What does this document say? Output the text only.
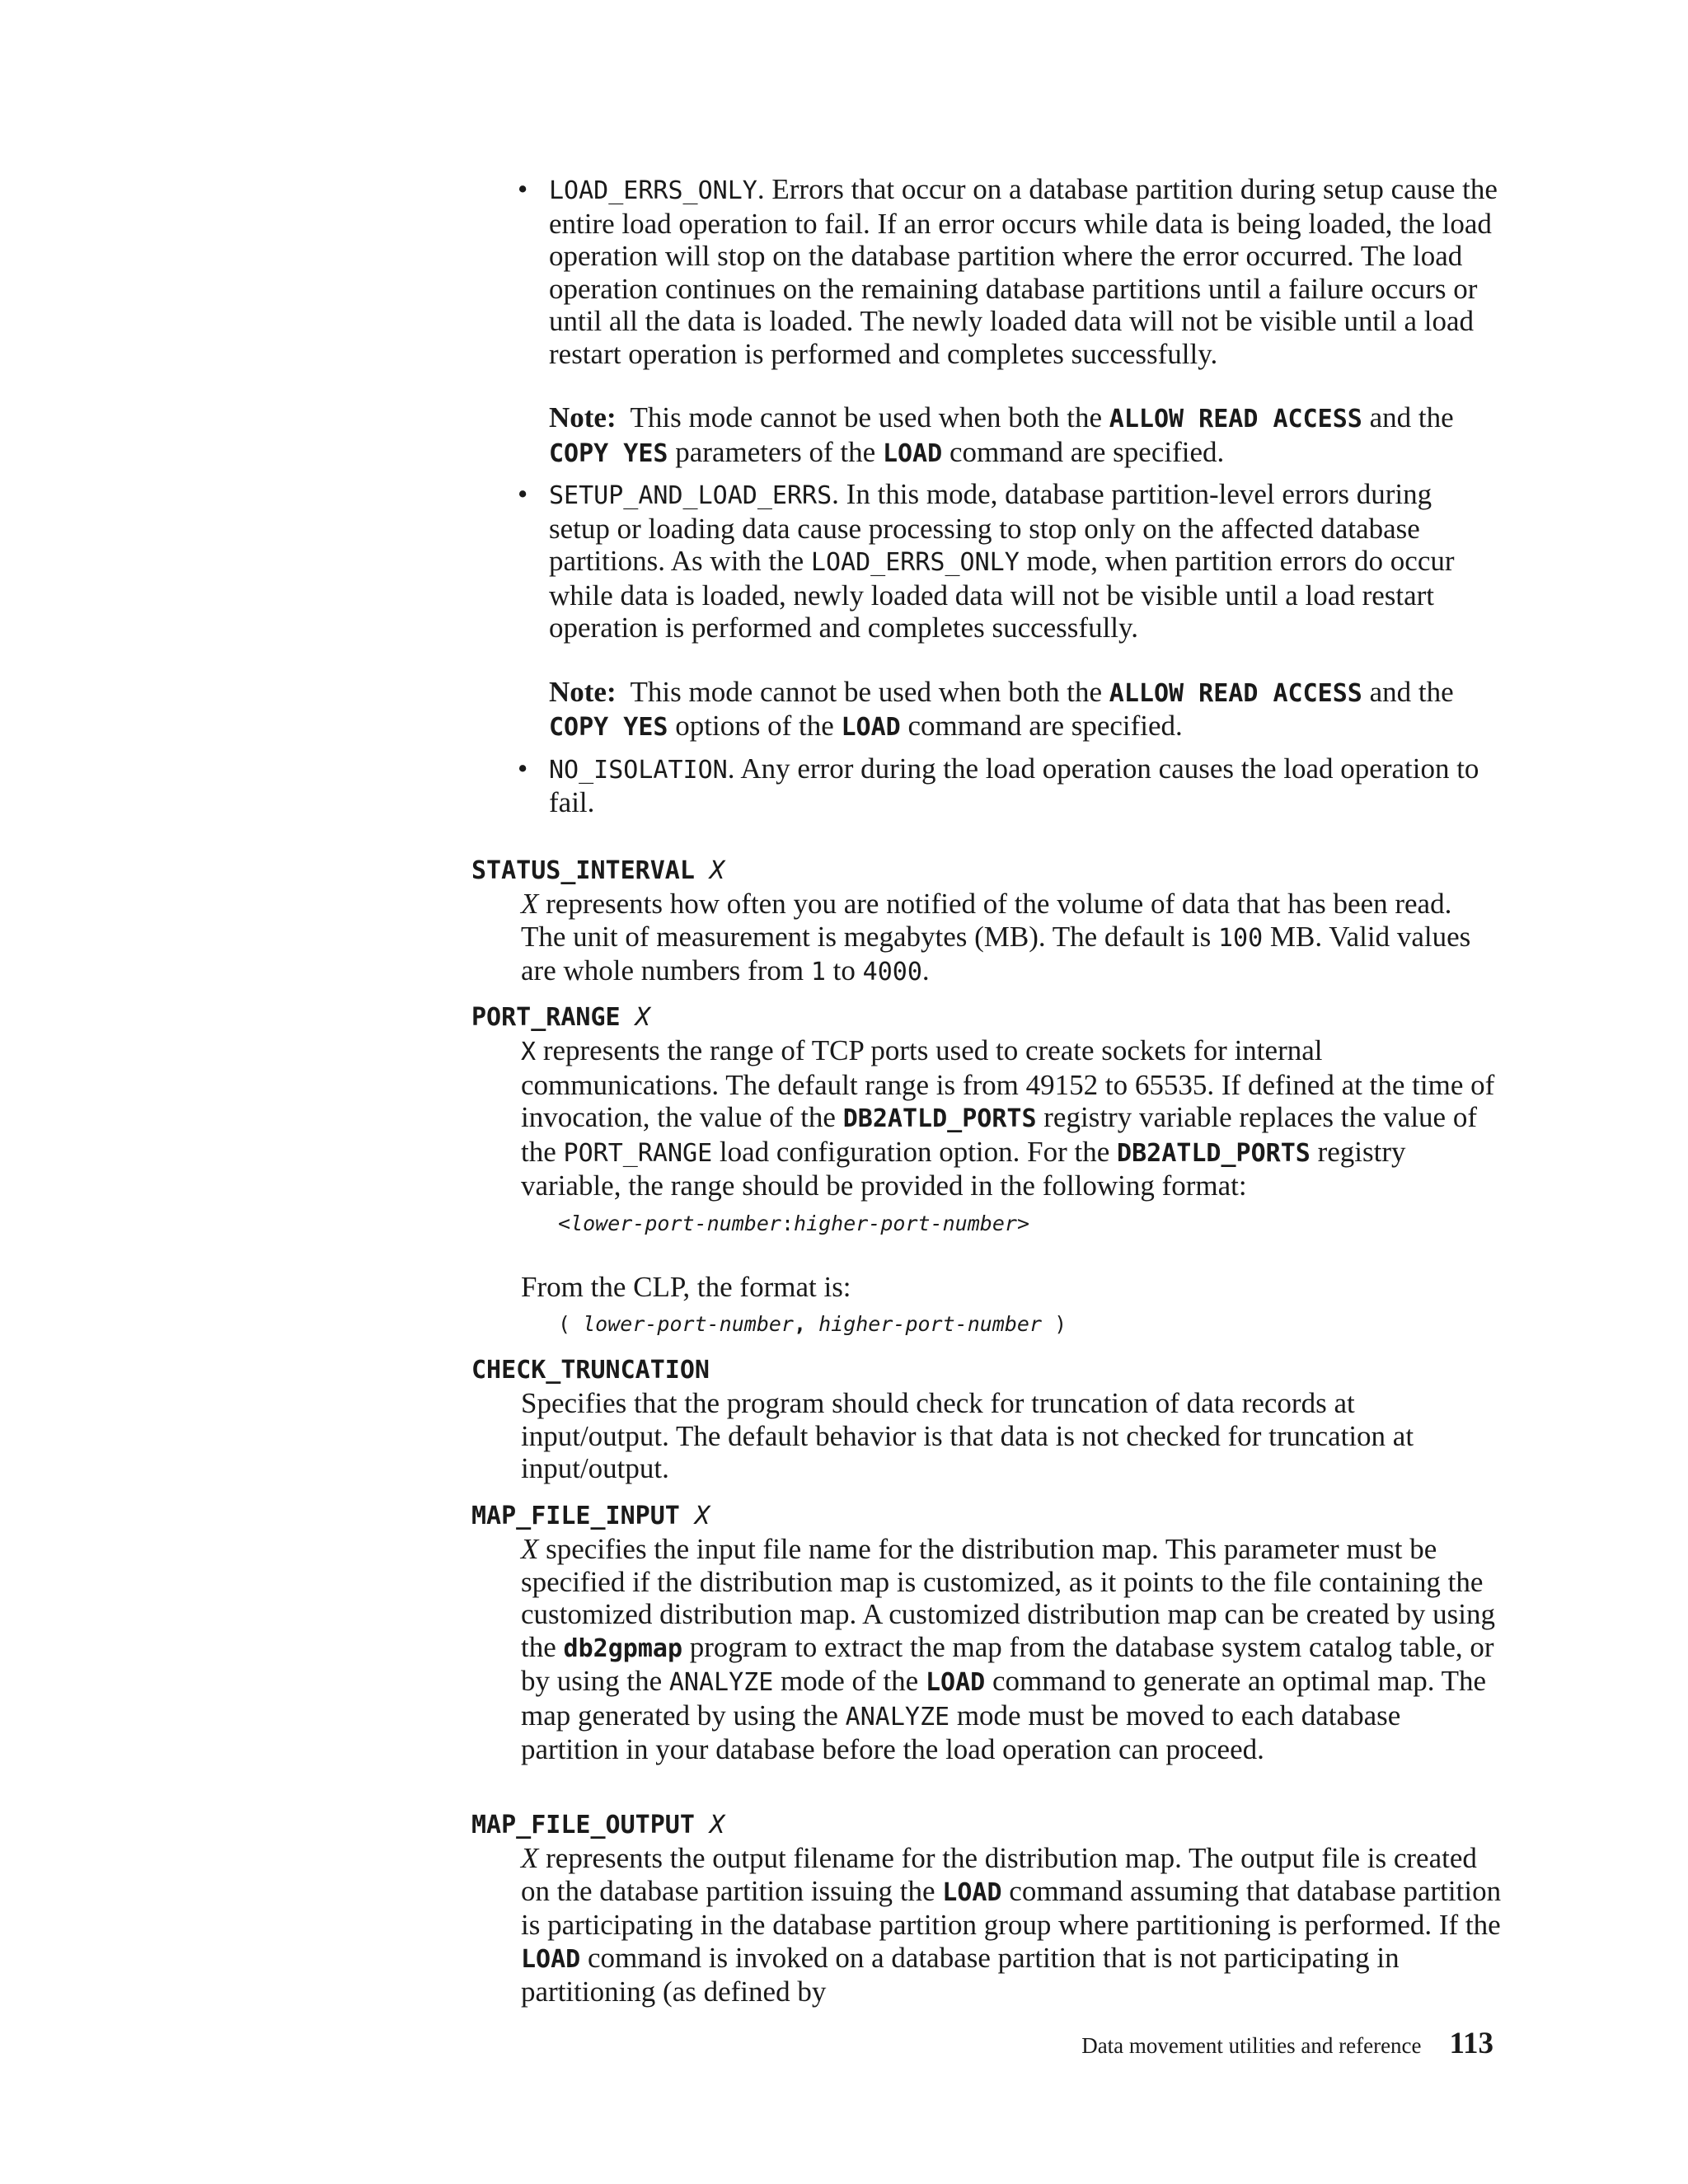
• LOAD_ERRS_ONLY. Errors that occur on a database partition during setup cause the entire load operation to fail. If an error occurs while data is being loaded, the load operation will stop on the database partition where the error occurred. The load operation continues on the remaining database partitions until a failure occurs or until all the data is loaded. The newly loaded data will not be visible until a load restart operation is performed and completes successfully.
Note: This mode cannot be used when both the ALLOW READ ACCESS and the COPY YES parameters of the LOAD command are specified.
• SETUP_AND_LOAD_ERRS. In this mode, database partition-level errors during setup or loading data cause processing to stop only on the affected database partitions. As with the LOAD_ERRS_ONLY mode, when partition errors do occur while data is loaded, newly loaded data will not be visible until a load restart operation is performed and completes successfully.
Note: This mode cannot be used when both the ALLOW READ ACCESS and the COPY YES options of the LOAD command are specified.
• NO_ISOLATION. Any error during the load operation causes the load operation to fail.
STATUS_INTERVAL X
X represents how often you are notified of the volume of data that has been read. The unit of measurement is megabytes (MB). The default is 100 MB. Valid values are whole numbers from 1 to 4000.
PORT_RANGE X
X represents the range of TCP ports used to create sockets for internal communications. The default range is from 49152 to 65535. If defined at the time of invocation, the value of the DB2ATLD_PORTS registry variable replaces the value of the PORT_RANGE load configuration option. For the DB2ATLD_PORTS registry variable, the range should be provided in the following format:
<lower-port-number:higher-port-number>
From the CLP, the format is:
( lower-port-number, higher-port-number )
CHECK_TRUNCATION
Specifies that the program should check for truncation of data records at input/output. The default behavior is that data is not checked for truncation at input/output.
MAP_FILE_INPUT X
X specifies the input file name for the distribution map. This parameter must be specified if the distribution map is customized, as it points to the file containing the customized distribution map. A customized distribution map can be created by using the db2gpmap program to extract the map from the database system catalog table, or by using the ANALYZE mode of the LOAD command to generate an optimal map. The map generated by using the ANALYZE mode must be moved to each database partition in your database before the load operation can proceed.
MAP_FILE_OUTPUT X
X represents the output filename for the distribution map. The output file is created on the database partition issuing the LOAD command assuming that database partition is participating in the database partition group where partitioning is performed. If the LOAD command is invoked on a database partition that is not participating in partitioning (as defined by
Data movement utilities and reference 113
